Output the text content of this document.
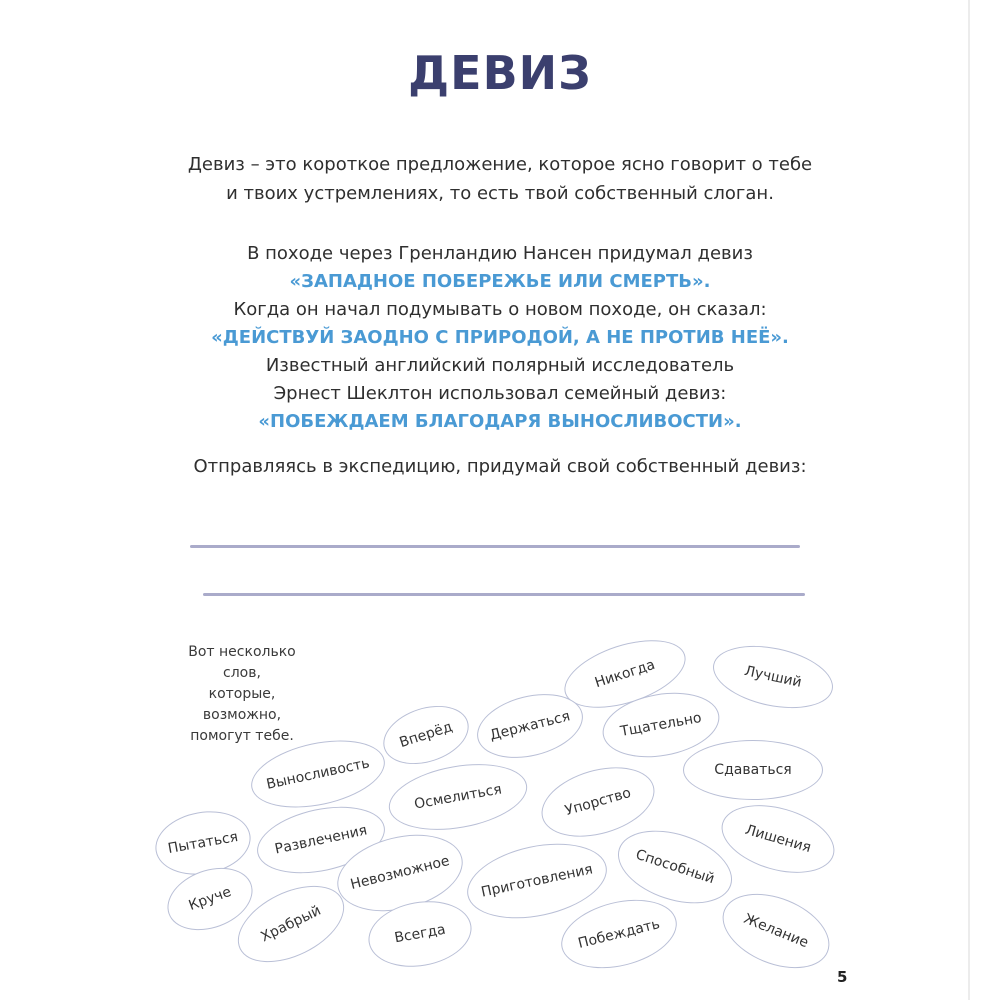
ДЕВИЗ
Девиз – это короткое предложение, которое ясно говорит о тебе
и твоих устремлениях, то есть твой собственный слоган.
В походе через Гренландию Нансен придумал девиз
«ЗАПАДНОЕ ПОБЕРЕЖЬЕ ИЛИ СМЕРТЬ».
Когда он начал подумывать о новом походе, он сказал:
«ДЕЙСТВУЙ ЗАОДНО С ПРИРОДОЙ, А НЕ ПРОТИВ НЕЁ».
Известный английский полярный исследователь
Эрнест Шеклтон использовал семейный девиз:
«ПОБЕЖДАЕМ БЛАГОДАРЯ ВЫНОСЛИВОСТИ».
Отправляясь в экспедицию, придумай свой собственный девиз:
Вот несколько слов,
которые, возможно,
помогут тебе.
Никогда	Лучший
Вперёд	Держаться	Тщательно
Выносливость	Сдаваться
Осмелиться	Упорство
Пытаться	Развлечения	Лишения
Невозможное	Способный
Круче	Приготовления
Храбрый	Всегда	Побеждать	Желание
5
